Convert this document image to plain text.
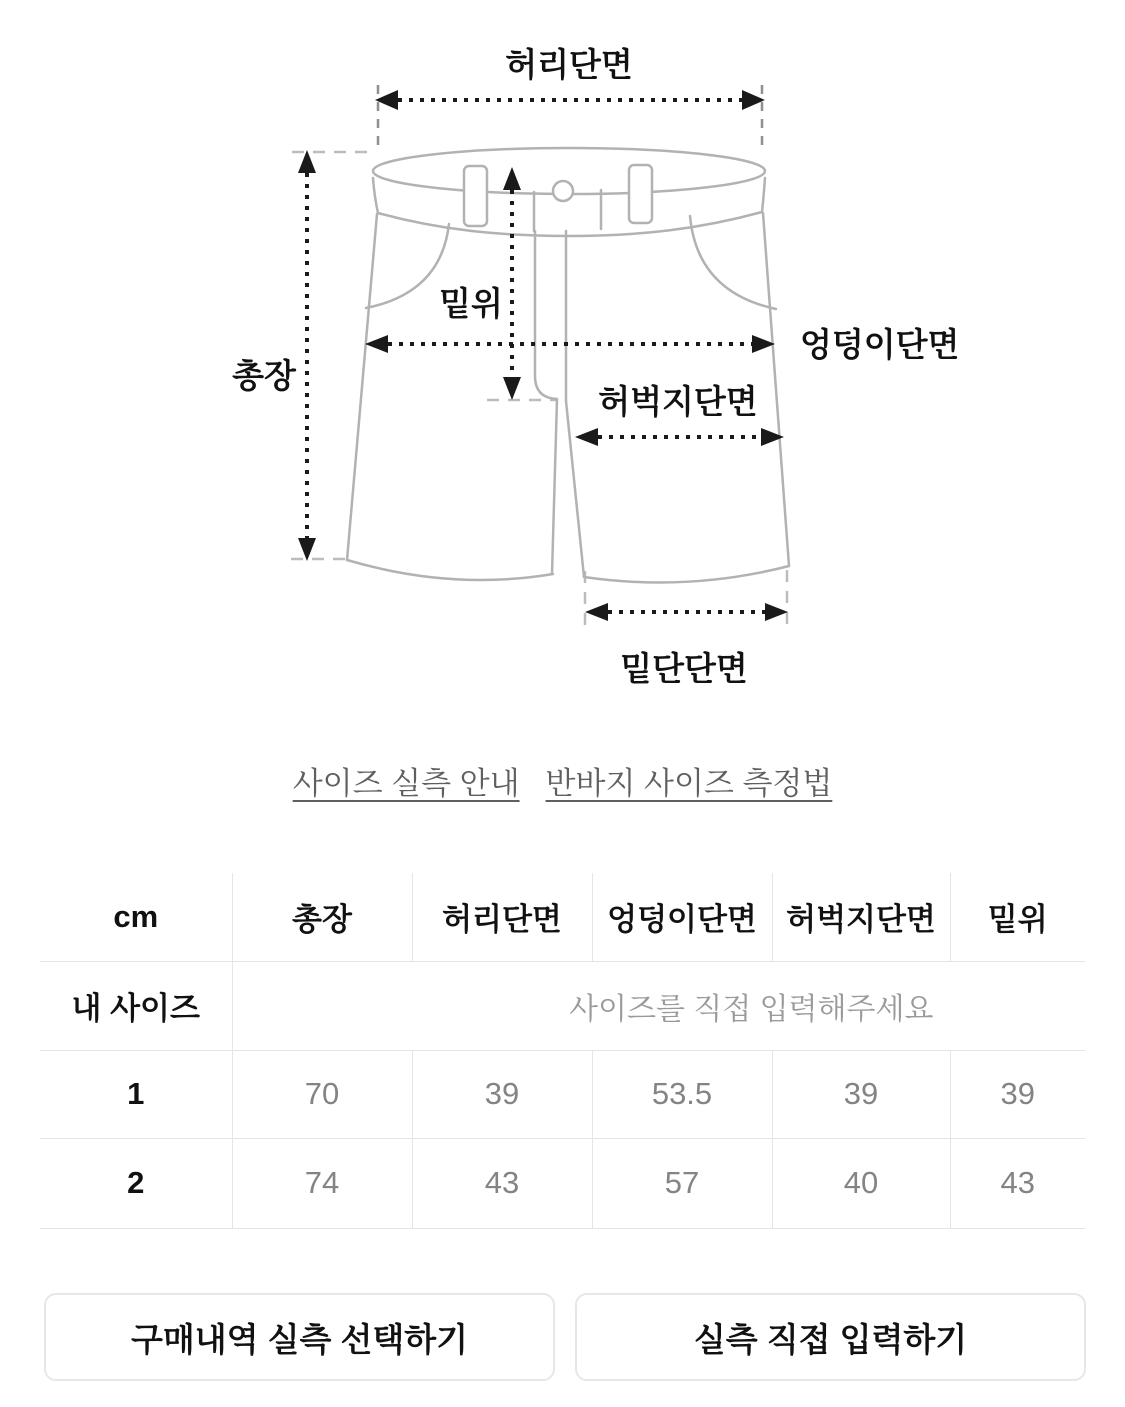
허리단면
총장
밑위
엉덩이단면
허벅지단면
밑단단면
사이즈 실측 안내 반바지 사이즈 측정법
cm	총장	허리단면	엉덩이단면	허벅지단면	밑위
내 사이즈	사이즈를 직접 입력해주세요				
1	70	39	53.5	39	39
2	74	43	57	40	43
구매내역 실측 선택하기	실측 직접 입력하기
